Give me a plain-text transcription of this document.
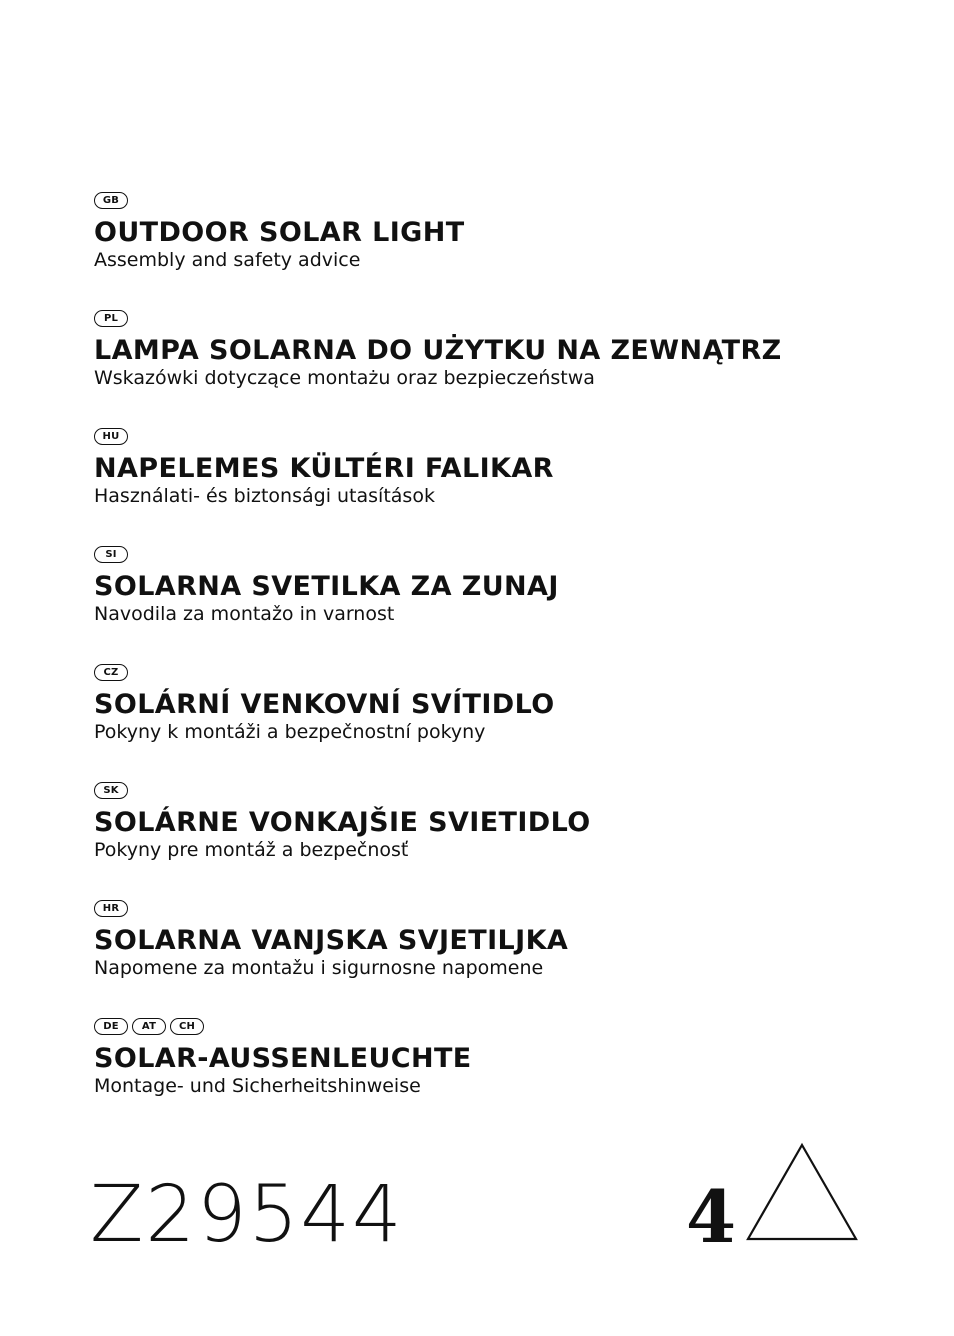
GB
OUTDOOR SOLAR LIGHT
Assembly and safety advice
PL
LAMPA SOLARNA DO UŻYTKU NA ZEWNĄTRZ
Wskazówki dotyczące montażu oraz bezpieczeństwa
HU
NAPELEMES KÜLTÉRI FALIKAR
Használati- és biztonsági utasítások
SI
SOLARNA SVETILKA ZA ZUNAJ
Navodila za montažo in varnost
CZ
SOLÁRNÍ VENKOVNÍ SVÍTIDLO
Pokyny k montáži a bezpečnostní pokyny
SK
SOLÁRNE VONKAJŠIE SVIETIDLO
Pokyny pre montáž a bezpečnosť
HR
SOLARNA VANJSKA SVJETILJKA
Napomene za montažu i sigurnosne napomene
DE	AT	CH
SOLAR-AUSSENLEUCHTE
Montage- und Sicherheitshinweise
Z29544	4
